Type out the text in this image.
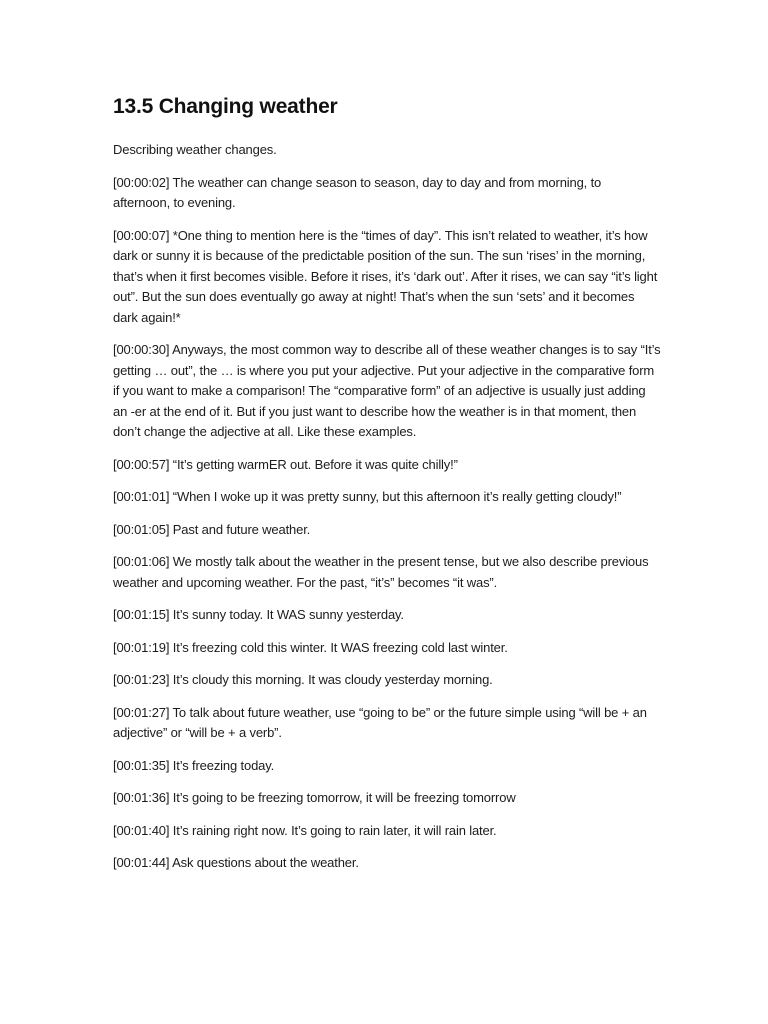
13.5 Changing weather

Describing weather changes.

[00:00:02] The weather can change season to season, day to day and from morning, to afternoon, to evening.

[00:00:07] *One thing to mention here is the “times of day”. This isn’t related to weather, it’s how dark or sunny it is because of the predictable position of the sun. The sun ‘rises’ in the morning, that’s when it first becomes visible. Before it rises, it’s ‘dark out’. After it rises, we can say “it’s light out”. But the sun does eventually go away at night! That’s when the sun ‘sets’ and it becomes dark again!*

[00:00:30] Anyways, the most common way to describe all of these weather changes is to say “It’s getting … out”, the … is where you put your adjective. Put your adjective in the comparative form if you want to make a comparison! The “comparative form” of an adjective is usually just adding an -er at the end of it. But if you just want to describe how the weather is in that moment, then don’t change the adjective at all. Like these examples.

[00:00:57] “It’s getting warmER out. Before it was quite chilly!”

[00:01:01] “When I woke up it was pretty sunny, but this afternoon it’s really getting cloudy!”

[00:01:05] Past and future weather.

[00:01:06] We mostly talk about the weather in the present tense, but we also describe previous weather and upcoming weather. For the past, “it’s” becomes “it was”.

[00:01:15] It’s sunny today. It WAS sunny yesterday.

[00:01:19] It’s freezing cold this winter. It WAS freezing cold last winter.

[00:01:23] It’s cloudy this morning. It was cloudy yesterday morning.

[00:01:27] To talk about future weather, use “going to be” or the future simple using “will be + an adjective” or “will be + a verb”.

[00:01:35] It’s freezing today.

[00:01:36] It’s going to be freezing tomorrow, it will be freezing tomorrow

[00:01:40] It’s raining right now. It’s going to rain later, it will rain later.

[00:01:44] Ask questions about the weather.
